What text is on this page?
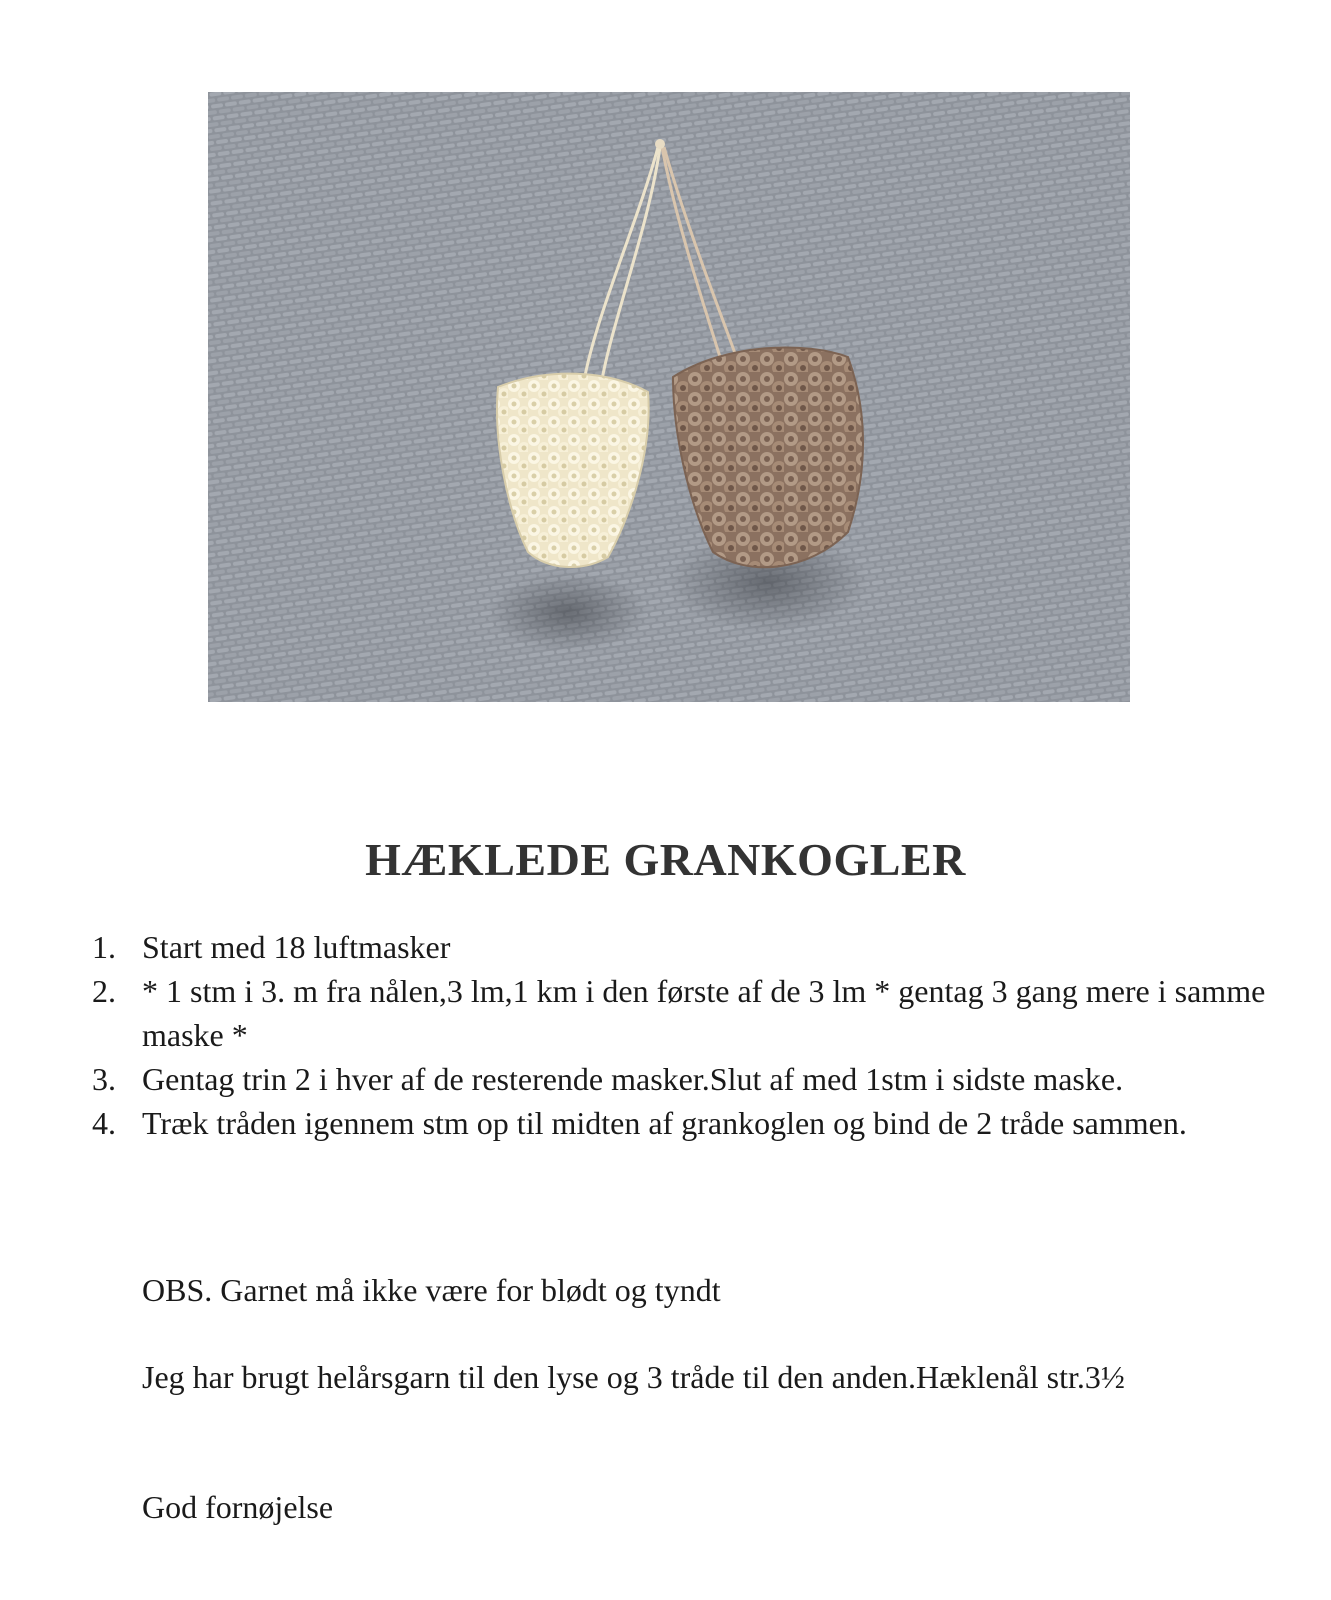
HÆKLEDE GRANKOGLER
1. Start med 18 luftmasker
2. * 1 stm i 3. m fra nålen,3 lm,1 km i den første af de 3 lm * gentag 3 gang mere i samme maske *
3. Gentag trin 2 i hver af de resterende masker.Slut af med 1stm i sidste maske.
4. Træk tråden igennem stm op til midten af grankoglen og bind de 2 tråde sammen.

OBS. Garnet må ikke være for blødt og tyndt

Jeg har brugt helårsgarn til den lyse og 3 tråde til den anden.Hæklenål str.3½

God fornøjelse
